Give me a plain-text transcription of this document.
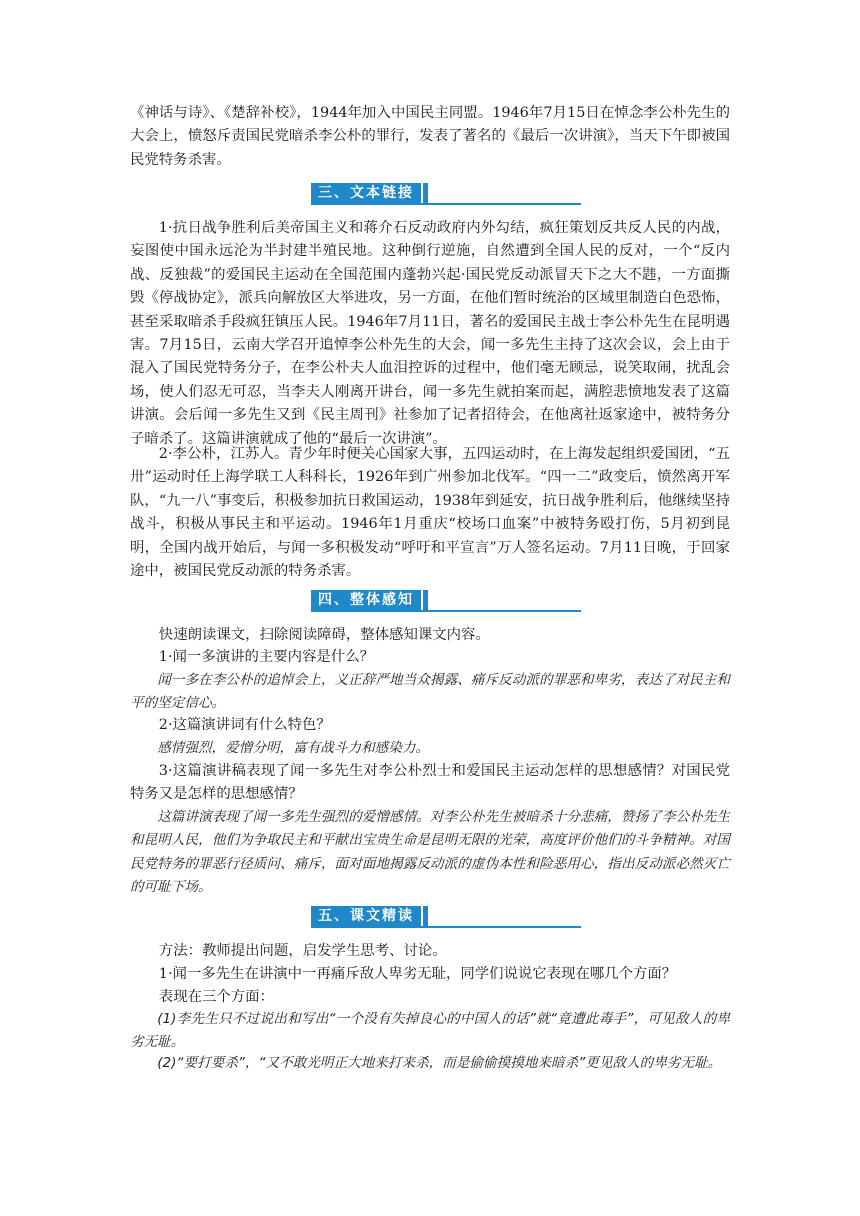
《神话与诗》、《楚辞补校》，1944年加入中国民主同盟。1946年7月15日在悼念李公朴先生的大会上，愤怒斥责国民党暗杀李公朴的罪行，发表了著名的《最后一次讲演》，当天下午即被国民党特务杀害。

三、文本链接

1·抗日战争胜利后美帝国主义和蒋介石反动政府内外勾结，疯狂策划反共反人民的内战，妄图使中国永远沦为半封建半殖民地。这种倒行逆施，自然遭到全国人民的反对，一个“反内战、反独裁”的爱国民主运动在全国范围内蓬勃兴起·国民党反动派冒天下之大不韪，一方面撕毁《停战协定》，派兵向解放区大举进攻，另一方面，在他们暂时统治的区域里制造白色恐怖，甚至采取暗杀手段疯狂镇压人民。1946年7月11日，著名的爱国民主战士李公朴先生在昆明遇害。7月15日，云南大学召开追悼李公朴先生的大会，闻一多先生主持了这次会议，会上由于混入了国民党特务分子，在李公朴夫人血泪控诉的过程中，他们毫无顾忌，说笑取闹，扰乱会场，使人们忍无可忍，当李夫人刚离开讲台，闻一多先生就拍案而起，满腔悲愤地发表了这篇讲演。会后闻一多先生又到《民主周刊》社参加了记者招待会，在他离社返家途中，被特务分子暗杀了。这篇讲演就成了他的“最后一次讲演”。

2·李公朴，江苏人。青少年时便关心国家大事，五四运动时，在上海发起组织爱国团，“五卅”运动时任上海学联工人科科长，1926年到广州参加北伐军。“四一二”政变后，愤然离开军队，“九一八”事变后，积极参加抗日救国运动，1938年到延安，抗日战争胜利后，他继续坚持战斗，积极从事民主和平运动。1946年1月重庆“校场口血案”中被特务殴打伤，5月初到昆明，全国内战开始后，与闻一多积极发动“呼吁和平宣言”万人签名运动。7月11日晚，于回家途中，被国民党反动派的特务杀害。

四、整体感知

快速朗读课文，扫除阅读障碍，整体感知课文内容。

1·闻一多演讲的主要内容是什么？

闻一多在李公朴的追悼会上，义正辞严地当众揭露、痛斥反动派的罪恶和卑劣，表达了对民主和平的坚定信心。

2·这篇演讲词有什么特色？

感情强烈，爱憎分明，富有战斗力和感染力。

3·这篇演讲稿表现了闻一多先生对李公朴烈士和爱国民主运动怎样的思想感情？对国民党特务又是怎样的思想感情？

这篇讲演表现了闻一多先生强烈的爱憎感情。对李公朴先生被暗杀十分悲痛，赞扬了李公朴先生和昆明人民，他们为争取民主和平献出宝贵生命是昆明无限的光荣，高度评价他们的斗争精神。对国民党特务的罪恶行径质问、痛斥，面对面地揭露反动派的虚伪本性和险恶用心，指出反动派必然灭亡的可耻下场。

五、课文精读

方法：教师提出问题，启发学生思考、讨论。

1·闻一多先生在讲演中一再痛斥敌人卑劣无耻，同学们说说它表现在哪几个方面？

表现在三个方面：

(1)李先生只不过说出和写出“一个没有失掉良心的中国人的话”就“竟遭此毒手”，可见敌人的卑劣无耻。

(2)“要打要杀”，“又不敢光明正大地来打来杀，而是偷偷摸摸地来暗杀”更见敌人的卑劣无耻。
